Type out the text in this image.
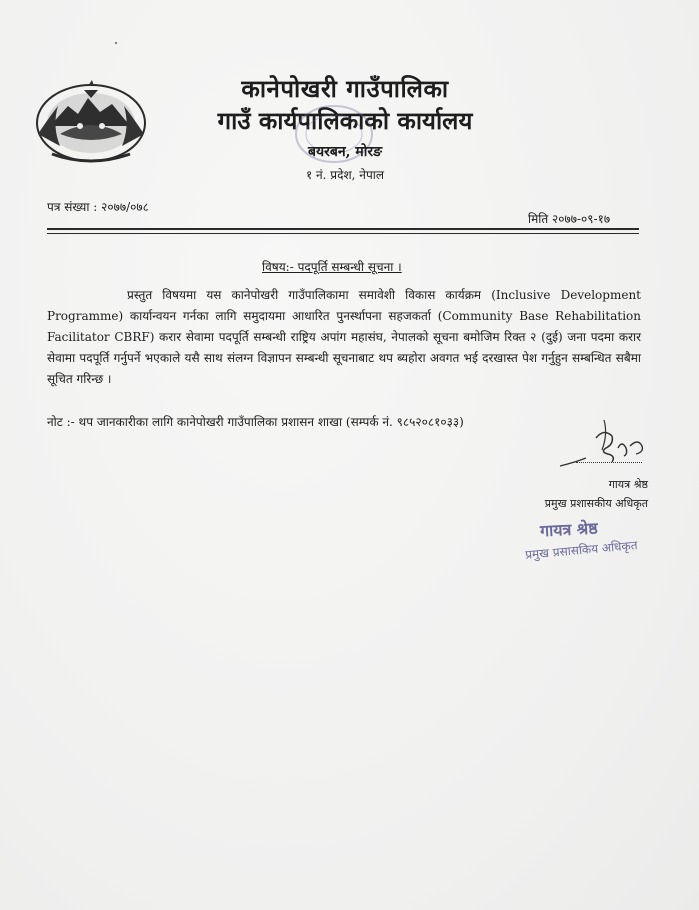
कानेपोखरी गाउँपालिका
गाउँ कार्यपालिकाको कार्यालय
बयरबन, मोरङ
१ नं. प्रदेश, नेपाल
पत्र संख्या : २०७७/०७८
मिति २०७७-०९-१७
विषय:- पदपूर्ति सम्बन्धी सूचना ।
प्रस्तुत विषयमा यस कानेपोखरी गाउँपालिकामा समावेशी विकास कार्यक्रम (Inclusive Development Programme) कार्यान्वयन गर्नका लागि समुदायमा आधारित पुनर्स्थापना सहजकर्ता (Community Base Rehabilitation Facilitator CBRF) करार सेवामा पदपूर्ति सम्बन्धी राष्ट्रिय अपांग महासंघ, नेपालको सूचना बमोजिम रिक्त २ (दुई) जना पदमा करार सेवामा पदपूर्ति गर्नुपर्ने भएकाले यसै साथ संलग्न विज्ञापन सम्बन्धी सूचनाबाट थप ब्यहोरा अवगत भई दरखास्त पेश गर्नुहुन सम्बन्धित सबैमा सूचित गरिन्छ ।
नोट :- थप जानकारीका लागि कानेपोखरी गाउँपालिका प्रशासन शाखा (सम्पर्क नं. ९८५२०८१०३३)
गायत्र श्रेष्ठ
प्रमुख प्रशासकीय अधिकृत
गायत्र श्रेष्ठ
प्रमुख प्रसासकिय अधिकृत
